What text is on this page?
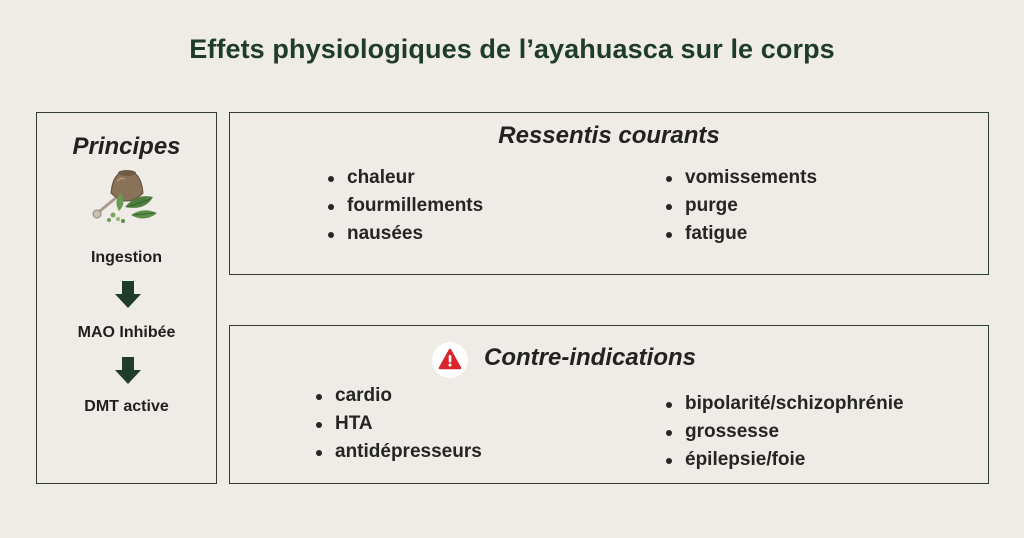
Effets physiologiques de l’ayahuasca sur le corps
Principes
Ingestion
MAO Inhibée
DMT active
Ressentis courants
chaleur
fourmillements
nausées
vomissements
purge
fatigue
Contre-indications
cardio
HTA
antidépresseurs
bipolarité/schizophrénie
grossesse
épilepsie/foie
